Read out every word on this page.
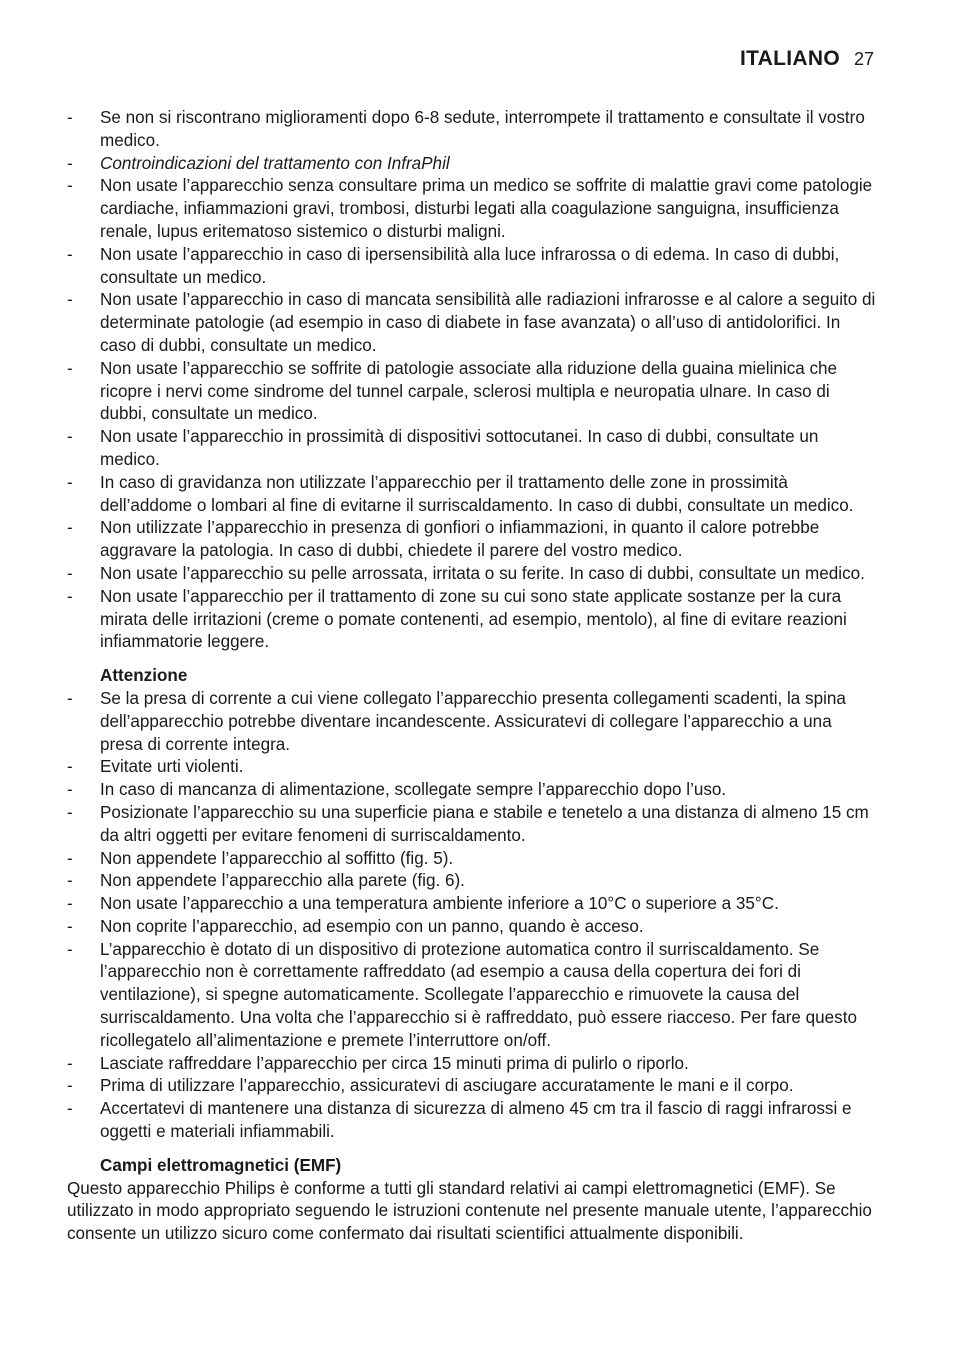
ITALIANO 27
- Se non si riscontrano miglioramenti dopo 6-8 sedute, interrompete il trattamento e consultate il vostro medico.
- Controindicazioni del trattamento con InfraPhil
- Non usate l’apparecchio senza consultare prima un medico se soffrite di malattie gravi come patologie cardiache, infiammazioni gravi, trombosi, disturbi legati alla coagulazione sanguigna, insufficienza renale, lupus eritematoso sistemico o disturbi maligni.
- Non usate l’apparecchio in caso di ipersensibilità alla luce infrarossa o di edema. In caso di dubbi, consultate un medico.
- Non usate l’apparecchio in caso di mancata sensibilità alle radiazioni infrarosse e al calore a seguito di determinate patologie (ad esempio in caso di diabete in fase avanzata) o all’uso di antidolorifici. In caso di dubbi, consultate un medico.
- Non usate l’apparecchio se soffrite di patologie associate alla riduzione della guaina mielinica che ricopre i nervi come sindrome del tunnel carpale, sclerosi multipla e neuropatia ulnare. In caso di dubbi, consultate un medico.
- Non usate l’apparecchio in prossimità di dispositivi sottocutanei. In caso di dubbi, consultate un medico.
- In caso di gravidanza non utilizzate l’apparecchio per il trattamento delle zone in prossimità dell’addome o lombari al fine di evitarne il surriscaldamento. In caso di dubbi, consultate un medico.
- Non utilizzate l’apparecchio in presenza di gonfiori o infiammazioni, in quanto il calore potrebbe aggravare la patologia. In caso di dubbi, chiedete il parere del vostro medico.
- Non usate l’apparecchio su pelle arrossata, irritata o su ferite. In caso di dubbi, consultate un medico.
- Non usate l’apparecchio per il trattamento di zone su cui sono state applicate sostanze per la cura mirata delle irritazioni (creme o pomate contenenti, ad esempio, mentolo), al fine di evitare reazioni infiammatorie leggere.
Attenzione
- Se la presa di corrente a cui viene collegato l’apparecchio presenta collegamenti scadenti, la spina dell’apparecchio potrebbe diventare incandescente. Assicuratevi di collegare l’apparecchio a una presa di corrente integra.
- Evitate urti violenti.
- In caso di mancanza di alimentazione, scollegate sempre l’apparecchio dopo l’uso.
- Posizionate l’apparecchio su una superficie piana e stabile e tenetelo a una distanza di almeno 15 cm da altri oggetti per evitare fenomeni di surriscaldamento.
- Non appendete l’apparecchio al soffitto (fig. 5).
- Non appendete l’apparecchio alla parete (fig. 6).
- Non usate l’apparecchio a una temperatura ambiente inferiore a 10°C o superiore a 35°C.
- Non coprite l’apparecchio, ad esempio con un panno, quando è acceso.
- L’apparecchio è dotato di un dispositivo di protezione automatica contro il surriscaldamento. Se l’apparecchio non è correttamente raffreddato (ad esempio a causa della copertura dei fori di ventilazione), si spegne automaticamente. Scollegate l’apparecchio e rimuovete la causa del surriscaldamento. Una volta che l’apparecchio si è raffreddato, può essere riacceso. Per fare questo ricollegatelo all’alimentazione e premete l’interruttore on/off.
- Lasciate raffreddare l’apparecchio per circa 15 minuti prima di pulirlo o riporlo.
- Prima di utilizzare l’apparecchio, assicuratevi di asciugare accuratamente le mani e il corpo.
- Accertatevi di mantenere una distanza di sicurezza di almeno 45 cm tra il fascio di raggi infrarossi e oggetti e materiali infiammabili.
Campi elettromagnetici (EMF)

Questo apparecchio Philips è conforme a tutti gli standard relativi ai campi elettromagnetici (EMF). Se utilizzato in modo appropriato seguendo le istruzioni contenute nel presente manuale utente, l’apparecchio consente un utilizzo sicuro come confermato dai risultati scientifici attualmente disponibili.
